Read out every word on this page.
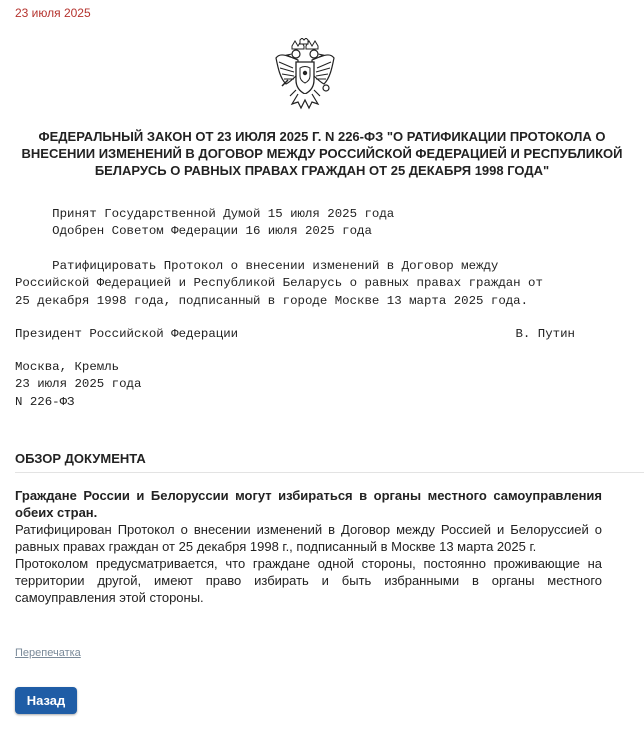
23 июля 2025
ФЕДЕРАЛЬНЫЙ ЗАКОН ОТ 23 ИЮЛЯ 2025 Г. N 226-ФЗ "О РАТИФИКАЦИИ ПРОТОКОЛА О ВНЕСЕНИИ ИЗМЕНЕНИЙ В ДОГОВОР МЕЖДУ РОССИЙСКОЙ ФЕДЕРАЦИЕЙ И РЕСПУБЛИКОЙ БЕЛАРУСЬ О РАВНЫХ ПРАВАХ ГРАЖДАН ОТ 25 ДЕКАБРЯ 1998 ГОДА"
Принят Государственной Думой 15 июля 2025 года
Одобрен Советом Федерации 16 июля 2025 года
Ратифицировать Протокол о внесении изменений в Договор между
Российской Федерацией и Республикой Беларусь о равных правах граждан от
25 декабря 1998 года, подписанный в городе Москве 13 марта 2025 года.
Президент Российской Федерации	В. Путин
Москва, Кремль
23 июля 2025 года
N 226-ФЗ
ОБЗОР ДОКУМЕНТА

Граждане России и Белоруссии могут избираться в органы местного самоуправления обеих стран.

Ратифицирован Протокол о внесении изменений в Договор между Россией и Белоруссией о равных правах граждан от 25 декабря 1998 г., подписанный в Москве 13 марта 2025 г.

Протоколом предусматривается, что граждане одной стороны, постоянно проживающие на территории другой, имеют право избирать и быть избранными в органы местного самоуправления этой стороны.

Перепечатка
Назад
